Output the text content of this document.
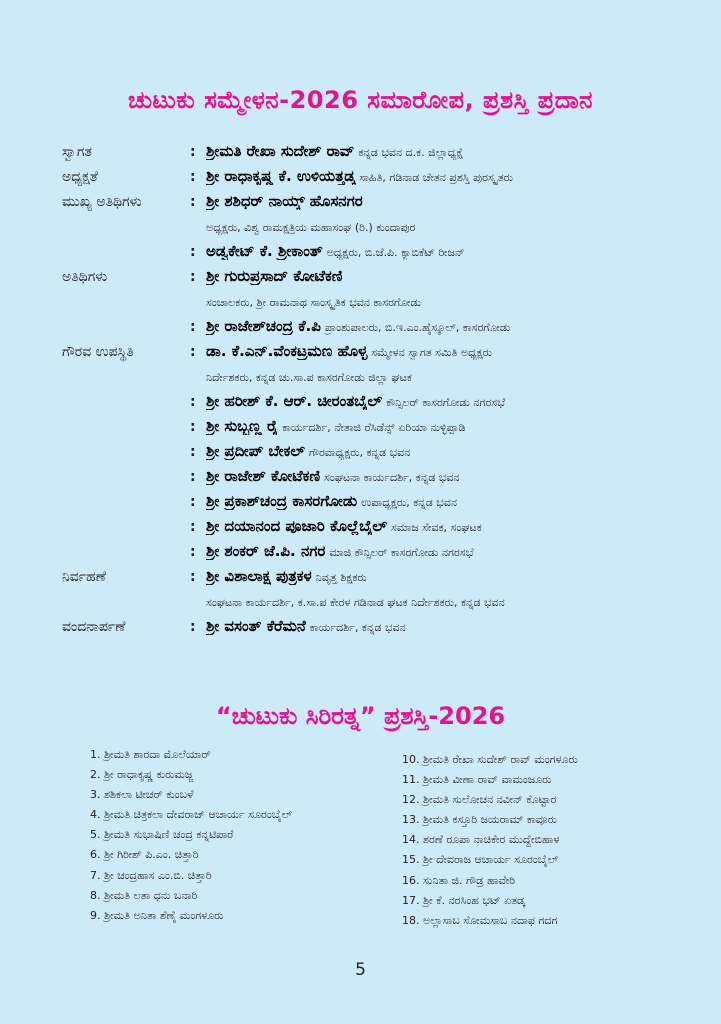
ಚುಟುಕು ಸಮ್ಮೇಳನ-2026 ಸಮಾರೋಪ, ಪ್ರಶಸ್ತಿ ಪ್ರದಾನ
ಸ್ವಾಗತ	: ಶ್ರೀಮತಿ ರೇಖಾ ಸುದೇಶ್ ರಾವ್ ಕನ್ನಡ ಭವನ ದ.ಕ. ಜಿಲ್ಲಾಧ್ಯಕ್ಷೆ
ಅಧ್ಯಕ್ಷತೆ	: ಶ್ರೀ ರಾಧಾಕೃಷ್ಣ ಕೆ. ಉಳಿಯತ್ತಡ್ಕ ಸಾಹಿತಿ, ಗಡಿನಾಡ ಚೇತನ ಪ್ರಶಸ್ತಿ ಪುರಸ್ಕೃತರು
ಮುಖ್ಯ ಅತಿಥಿಗಳು	: ಶ್ರೀ ಶಶಿಧರ್ ನಾಯ್ಕ್ ಹೊಸನಗರ
ಅಧ್ಯಕ್ಷರು, ವಿಶ್ವ ರಾಮಕ್ಷತ್ರಿಯ ಮಹಾಸಂಘ (ರಿ.) ಕುಂದಾಪುರ
: ಅಡ್ವಕೇಟ್ ಕೆ. ಶ್ರೀಕಾಂತ್ ಅಧ್ಯಕ್ಷರು, ಬಿ.ಜೆ.ಪಿ. ಕ್ಯಾಬಿಕೆಟ್ ರೀಜನ್
ಅತಿಥಿಗಳು	: ಶ್ರೀ ಗುರುಪ್ರಸಾದ್ ಕೋಟೆಕಣಿ
ಸಂಚಾಲಕರು, ಶ್ರೀ ರಾಮನಾಥ ಸಾಂಸ್ಕೃತಿಕ ಭವನ ಕಾಸರಗೋಡು
: ಶ್ರೀ ರಾಜೇಶ್‌ಚಂದ್ರ ಕೆ.ಪಿ ಪ್ರಾಂಶುಪಾಲರು, ಬಿ.ಇ.ಎಂ.ಹೈಸ್ಕೂಲ್, ಕಾಸರಗೋಡು
ಗೌರವ ಉಪಸ್ಥಿತಿ	: ಡಾ. ಕೆ.ಎನ್.ವೆಂಕಟ್ರಮಣ ಹೊಳ್ಳ ಸಮ್ಮೇಳನ ಸ್ವಾಗತ ಸಮಿತಿ ಅಧ್ಯಕ್ಷರು
ನಿರ್ದೇಶಕರು, ಕನ್ನಡ ಚು.ಸಾ.ಪ ಕಾಸರಗೋಡು ಜಿಲ್ಲಾ ಘಟಕ
: ಶ್ರೀ ಹರೀಶ್ ಕೆ. ಆರ್. ಚೀರಂತಬೈಲ್ ಕೌನ್ಸಿಲರ್ ಕಾಸರಗೋಡು ನಗರಸಭೆ
: ಶ್ರೀ ಸುಬ್ಬಣ್ಣ ರೈ ಕಾರ್ಯದರ್ಶಿ, ನೇತಾಜಿ ರೆಸಿಡೆನ್ಸ್ ಏರಿಯಾ ನುಳ್ಳಿಪ್ಪಾಡಿ
: ಶ್ರೀ ಪ್ರದೀಪ್ ಬೇಕಲ್ ಗೌರವಾಧ್ಯಕ್ಷರು, ಕನ್ನಡ ಭವನ
: ಶ್ರೀ ರಾಜೇಶ್ ಕೋಟೆಕಣಿ ಸಂಘಟನಾ ಕಾರ್ಯದರ್ಶಿ, ಕನ್ನಡ ಭವನ
: ಶ್ರೀ ಪ್ರಕಾಶ್‌ಚಂದ್ರ ಕಾಸರಗೋಡು ಉಪಾಧ್ಯಕ್ಷರು, ಕನ್ನಡ ಭವನ
: ಶ್ರೀ ದಯಾನಂದ ಪೂಜಾರಿ ಕೊಲ್ಲೆಬೈಲ್ ಸಮಾಜ ಸೇವಕ, ಸಂಘಟಕ
: ಶ್ರೀ ಶಂಕರ್ ಜೆ.ಪಿ. ನಗರ ಮಾಜಿ ಕೌನ್ಸಿಲರ್ ಕಾಸರಗೋಡು ನಗರಸಭೆ
ನಿರ್ವಹಣೆ	: ಶ್ರೀ ವಿಶಾಲಾಕ್ಷ ಪುತ್ರಕಳ ನಿವೃತ್ತ ಶಿಕ್ಷಕರು
ಸಂಘಟನಾ ಕಾರ್ಯದರ್ಶಿ, ಕ.ಸಾ.ಪ ಕೇರಳ ಗಡಿನಾಡ ಘಟಕ ನಿರ್ದೇಶಕರು, ಕನ್ನಡ ಭವನ
ವಂದನಾರ್ಪಣೆ	: ಶ್ರೀ ವಸಂತ್ ಕೆರೆಮನೆ ಕಾರ್ಯದರ್ಶಿ, ಕನ್ನಡ ಭವನ
“ಚುಟುಕು ಸಿರಿರತ್ನ” ಪ್ರಶಸ್ತಿ-2026
1. ಶ್ರೀಮತಿ ಶಾರದಾ ಮೊಲೆಯಾರ್
2. ಶ್ರೀ ರಾಧಾಕೃಷ್ಣ ಕುರುಮಜ್ಜ
3. ಶಶಿಕಲಾ ಟೀಚರ್ ಕುಂಬಳೆ
4. ಶ್ರೀಮತಿ ಚಿತ್ರಕಲಾ ದೇವರಾಜ್ ಆಚಾರ್ಯ ಸೂರಂಬೈಲ್
5. ಶ್ರೀಮತಿ ಸುಭಾಷಿಣಿ ಚಂದ್ರ ಕನ್ನಟಿಪಾರೆ
6. ಶ್ರೀ ಗಿರೀಶ್ ಪಿ.ಎಂ. ಚಿತ್ತಾರಿ
7. ಶ್ರೀ ಚಂದ್ರಹಾಸ ಎಂ.ಬಿ. ಚಿತ್ತಾರಿ
8. ಶ್ರೀಮತಿ ಲತಾ ಧನು ಬನಾರಿ
9. ಶ್ರೀಮತಿ ಅನಿತಾ ಶೆಣೈ ಮಂಗಳೂರು
10. ಶ್ರೀಮತಿ ರೇಖಾ ಸುದೇಶ್ ರಾವ್ ಮಂಗಳೂರು
11. ಶ್ರೀಮತಿ ವೀಣಾ ರಾವ್ ವಾಮಂಜೂರು
12. ಶ್ರೀಮತಿ ಸುಲೋಚನ ನವೀನ್ ಕೊಟ್ಟಾರ
13. ಶ್ರೀಮತಿ ಕಸ್ತೂರಿ ಜಯರಾಮ್ ಕಾವೂರು
14. ಶರಣೆ ರೂಪಾ ನಾಚಿಕೇರ ಮುದ್ದೇಬಿಹಾಳ
15. ಶ್ರೀ ದೇವರಾಜ ಆಚಾರ್ಯ ಸೂರಂಬೈಲ್
16. ಸುನಿತಾ ಜಿ. ಗೌಡ್ರ ಹಾವೇರಿ
17. ಶ್ರೀ ಕೆ. ನರಸಿಂಹ ಭಟ್ ಏತಡ್ಕ
18. ಅಲ್ಲಾಸಾಬ ಸೋಮಸಾಬ ನದಾಫ ಗದಗ
5
